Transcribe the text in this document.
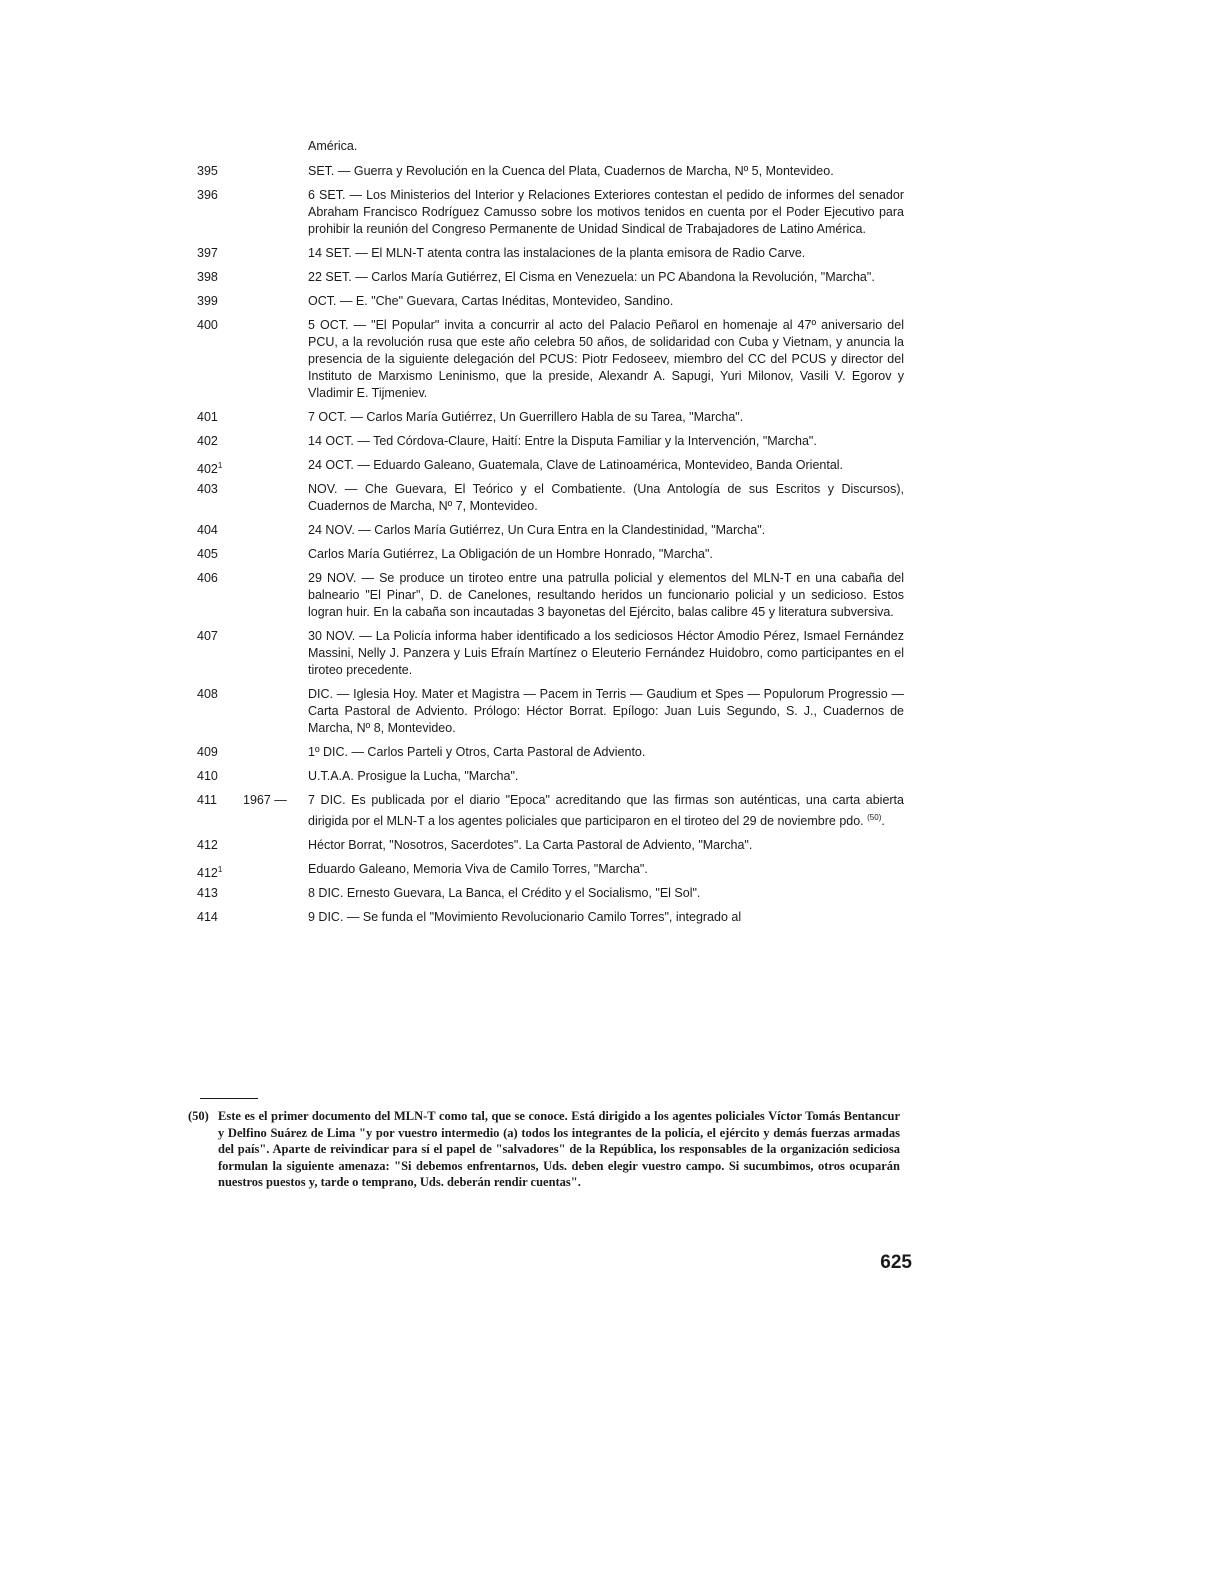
América.
395	SET. — Guerra y Revolución en la Cuenca del Plata, Cuadernos de Marcha, Nº 5, Montevideo.
396	6 SET. — Los Ministerios del Interior y Relaciones Exteriores contestan el pedido de informes del senador Abraham Francisco Rodríguez Camusso sobre los motivos tenidos en cuenta por el Poder Ejecutivo para prohibir la reunión del Congreso Permanente de Unidad Sindical de Trabajadores de Latino América.
397	14 SET. — El MLN-T atenta contra las instalaciones de la planta emisora de Radio Carve.
398	22 SET. — Carlos María Gutiérrez, El Cisma en Venezuela: un PC Abandona la Revolución, "Marcha".
399	OCT. — E. "Che" Guevara, Cartas Inéditas, Montevideo, Sandino.
400	5 OCT. — "El Popular" invita a concurrir al acto del Palacio Peñarol en homenaje al 47º aniversario del PCU, a la revolución rusa que este año celebra 50 años, de solidaridad con Cuba y Vietnam, y anuncia la presencia de la siguiente delegación del PCUS: Piotr Fedoseev, miembro del CC del PCUS y director del Instituto de Marxismo Leninismo, que la preside, Alexandr A. Sapugi, Yuri Milonov, Vasili V. Egorov y Vladimir E. Tijmeniev.
401	7 OCT. — Carlos María Gutiérrez, Un Guerrillero Habla de su Tarea, "Marcha".
402	14 OCT. — Ted Córdova-Claure, Haití: Entre la Disputa Familiar y la Intervención, "Marcha".
$402^1$	24 OCT. — Eduardo Galeano, Guatemala, Clave de Latinoamérica, Montevideo, Banda Oriental.
403	NOV. — Che Guevara, El Teórico y el Combatiente. (Una Antología de sus Escritos y Discursos), Cuadernos de Marcha, Nº 7, Montevideo.
404	24 NOV. — Carlos María Gutiérrez, Un Cura Entra en la Clandestinidad, "Marcha".
405	Carlos María Gutiérrez, La Obligación de un Hombre Honrado, "Marcha".
406	29 NOV. — Se produce un tiroteo entre una patrulla policial y elementos del MLN-T en una cabaña del balneario "El Pinar", D. de Canelones, resultando heridos un funcionario policial y un sedicioso. Estos logran huir. En la cabaña son incautadas 3 bayonetas del Ejército, balas calibre 45 y literatura subversiva.
407	30 NOV. — La Policía informa haber identificado a los sediciosos Héctor Amodio Pérez, Ismael Fernández Massini, Nelly J. Panzera y Luis Efraín Martínez o Eleuterio Fernández Huidobro, como participantes en el tiroteo precedente.
408	DIC. — Iglesia Hoy. Mater et Magistra — Pacem in Terris — Gaudium et Spes — Populorum Progressio — Carta Pastoral de Adviento. Prólogo: Héctor Borrat. Epílogo: Juan Luis Segundo, S. J., Cuadernos de Marcha, Nº 8, Montevideo.
409	1º DIC. — Carlos Parteli y Otros, Carta Pastoral de Adviento.
410	U.T.A.A. Prosigue la Lucha, "Marcha".
411	1967 —	7 DIC. Es publicada por el diario "Epoca" acreditando que las firmas son auténticas, una carta abierta dirigida por el MLN-T a los agentes policiales que participaron en el tiroteo del 29 de noviembre pdo. $^{(50)}$.
412	Héctor Borrat, "Nosotros, Sacerdotes". La Carta Pastoral de Adviento, "Marcha".
$412^1$	Eduardo Galeano, Memoria Viva de Camilo Torres, "Marcha".
413	8 DIC. Ernesto Guevara, La Banca, el Crédito y el Socialismo, "El Sol".
414	9 DIC. — Se funda el "Movimiento Revolucionario Camilo Torres", integrado al
(50) Este es el primer documento del MLN-T como tal, que se conoce. Está dirigido a los agentes policiales Víctor Tomás Bentancur y Delfino Suárez de Lima "y por vuestro intermedio (a) todos los integrantes de la policía, el ejército y demás fuerzas armadas del país". Aparte de reivindicar para sí el papel de "salvadores" de la República, los responsables de la organización sediciosa formulan la siguiente amenaza: "Si debemos enfrentarnos, Uds. deben elegir vuestro campo. Si sucumbimos, otros ocuparán nuestros puestos y, tarde o temprano, Uds. deberán rendir cuentas".
625
